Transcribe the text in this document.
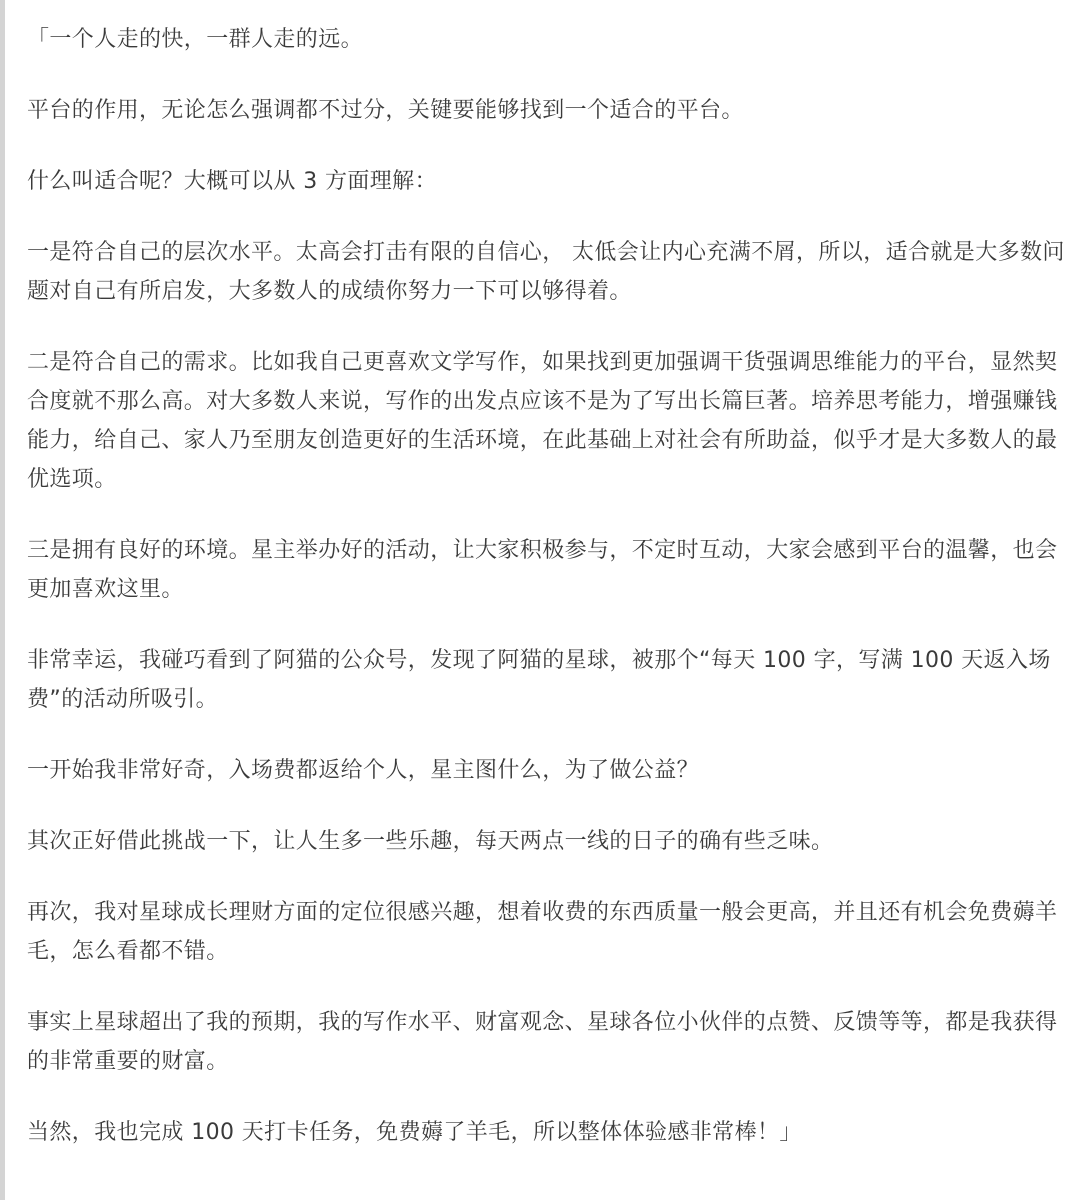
「一个人走的快，一群人走的远。

平台的作用，无论怎么强调都不过分，关键要能够找到一个适合的平台。

什么叫适合呢？大概可以从 3 方面理解：

一是符合自己的层次水平。太高会打击有限的自信心， 太低会让内心充满不屑，所以，适合就是大多数问题对自己有所启发，大多数人的成绩你努力一下可以够得着。

二是符合自己的需求。比如我自己更喜欢文学写作，如果找到更加强调干货强调思维能力的平台，显然契合度就不那么高。对大多数人来说，写作的出发点应该不是为了写出长篇巨著。培养思考能力，增强赚钱能力，给自己、家人乃至朋友创造更好的生活环境，在此基础上对社会有所助益，似乎才是大多数人的最优选项。

三是拥有良好的环境。星主举办好的活动，让大家积极参与，不定时互动，大家会感到平台的温馨，也会更加喜欢这里。

非常幸运，我碰巧看到了阿猫的公众号，发现了阿猫的星球，被那个“每天 100 字，写满 100 天返入场费”的活动所吸引。

一开始我非常好奇，入场费都返给个人，星主图什么，为了做公益？

其次正好借此挑战一下，让人生多一些乐趣，每天两点一线的日子的确有些乏味。

再次，我对星球成长理财方面的定位很感兴趣，想着收费的东西质量一般会更高，并且还有机会免费薅羊毛，怎么看都不错。

事实上星球超出了我的预期，我的写作水平、财富观念、星球各位小伙伴的点赞、反馈等等，都是我获得的非常重要的财富。

当然，我也完成 100 天打卡任务，免费薅了羊毛，所以整体体验感非常棒！」
